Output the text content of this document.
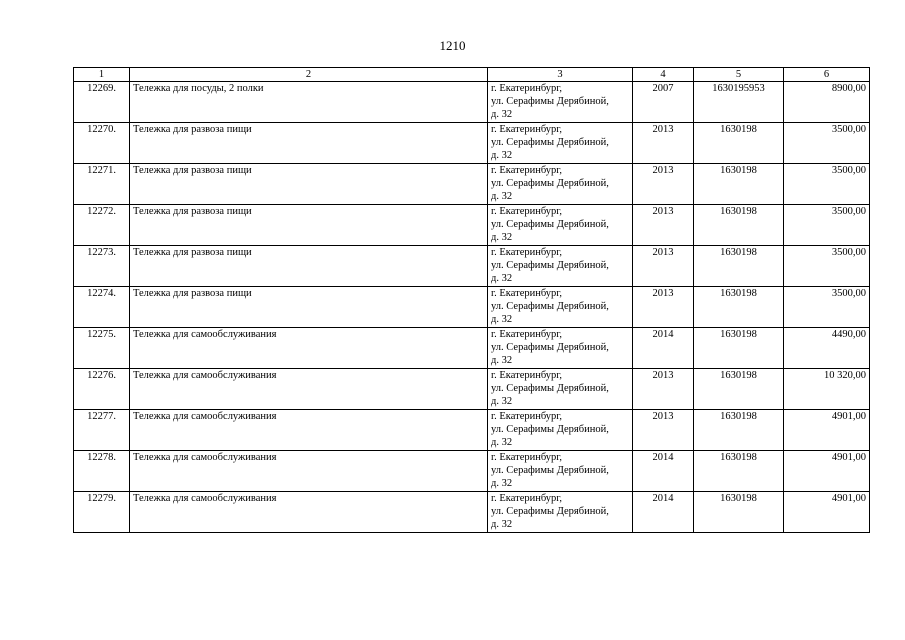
1210
1	2	3	4	5	6
12269.	Тележка для посуды, 2 полки	г. Екатеринбург,
ул. Серафимы Дерябиной,
д. 32	2007	1630195953	8900,00
12270.	Тележка для развоза пищи	г. Екатеринбург,
ул. Серафимы Дерябиной,
д. 32	2013	1630198	3500,00
12271.	Тележка для развоза пищи	г. Екатеринбург,
ул. Серафимы Дерябиной,
д. 32	2013	1630198	3500,00
12272.	Тележка для развоза пищи	г. Екатеринбург,
ул. Серафимы Дерябиной,
д. 32	2013	1630198	3500,00
12273.	Тележка для развоза пищи	г. Екатеринбург,
ул. Серафимы Дерябиной,
д. 32	2013	1630198	3500,00
12274.	Тележка для развоза пищи	г. Екатеринбург,
ул. Серафимы Дерябиной,
д. 32	2013	1630198	3500,00
12275.	Тележка для самообслуживания	г. Екатеринбург,
ул. Серафимы Дерябиной,
д. 32	2014	1630198	4490,00
12276.	Тележка для самообслуживания	г. Екатеринбург,
ул. Серафимы Дерябиной,
д. 32	2013	1630198	10 320,00
12277.	Тележка для самообслуживания	г. Екатеринбург,
ул. Серафимы Дерябиной,
д. 32	2013	1630198	4901,00
12278.	Тележка для самообслуживания	г. Екатеринбург,
ул. Серафимы Дерябиной,
д. 32	2014	1630198	4901,00
12279.	Тележка для самообслуживания	г. Екатеринбург,
ул. Серафимы Дерябиной,
д. 32	2014	1630198	4901,00
